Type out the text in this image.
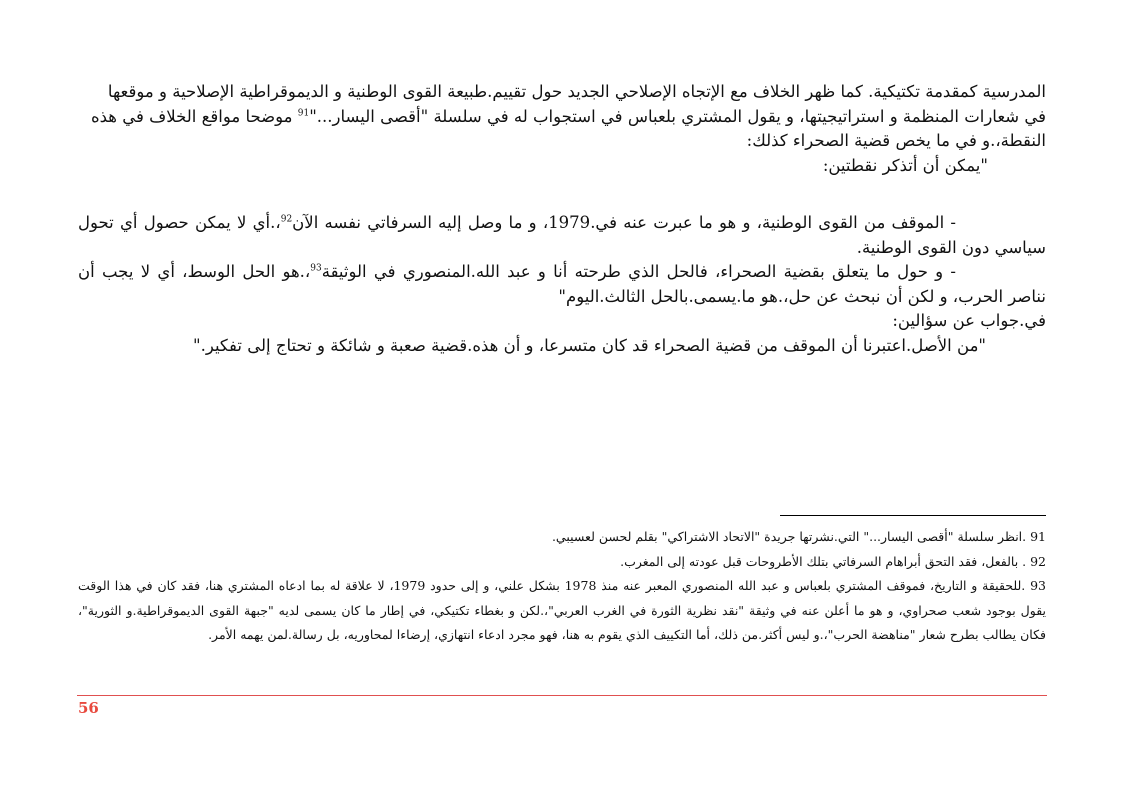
المدرسية كمقدمة تكتيكية. كما ظهر الخلاف مع الإتجاه الإصلاحي الجديد حول تقييم.طبيعة القوى الوطنية و الديموقراطية الإصلاحية و موقعها
في شعارات المنظمة و استراتيجيتها، و يقول المشتري بلعباس في استجواب له في سلسلة "أقصى اليسار..."$^{91}$ موضحا مواقع الخلاف في هذه
النقطة،.و في ما يخص قضية الصحراء كذلك:

"يمكن أن أتذكر نقطتين:

- الموقف من القوى الوطنية، و هو ما عبرت عنه في.1979، و ما وصل إليه السرفاتي نفسه الآن$^{92}$،.أي لا يمكن حصول أي تحول سياسي دون القوى الوطنية.

- و حول ما يتعلق بقضية الصحراء، فالحل الذي طرحته أنا و عبد الله.المنصوري في الوثيقة$^{93}$،.هو الحل الوسط، أي لا يجب أن نناصر الحرب، و لكن أن نبحث عن حل،.هو ما.يسمى.بالحل الثالث.اليوم"

في.جواب عن سؤالين:

"من الأصل.اعتبرنا أن الموقف من قضية الصحراء قد كان متسرعا، و أن هذه.قضية صعبة و شائكة و تحتاج إلى تفكير."

91 .انظر سلسلة "أقصى اليسار..." التي.نشرتها جريدة "الاتحاد الاشتراكي" بقلم لحسن لعسيبي.

92 . بالفعل، فقد التحق أبراهام السرفاتي بتلك الأطروحات قبل عودته إلى المغرب.

93 .للحقيقة و التاريخ، فموقف المشتري بلعباس و عبد الله المنصوري المعبر عنه منذ 1978 بشكل علني، و إلى حدود 1979، لا علاقة له بما ادعاه المشتري هنا، فقد كان في هذا الوقت يقول بوجود شعب صحراوي، و هو ما أعلن عنه في وثيقة "نقد نظرية الثورة في الغرب العربي"،.لكن و بغطاء تكتيكي، في إطار ما كان يسمى لديه "جبهة القوى الديموقراطية.و الثورية"، فكان يطالب بطرح شعار "مناهضة الحرب"،.و ليس أكثر.من ذلك، أما التكييف الذي يقوم به هنا، فهو مجرد ادعاء انتهازي، إرضاءا لمحاوريه، بل رسالة.لمن يهمه الأمر.

56
